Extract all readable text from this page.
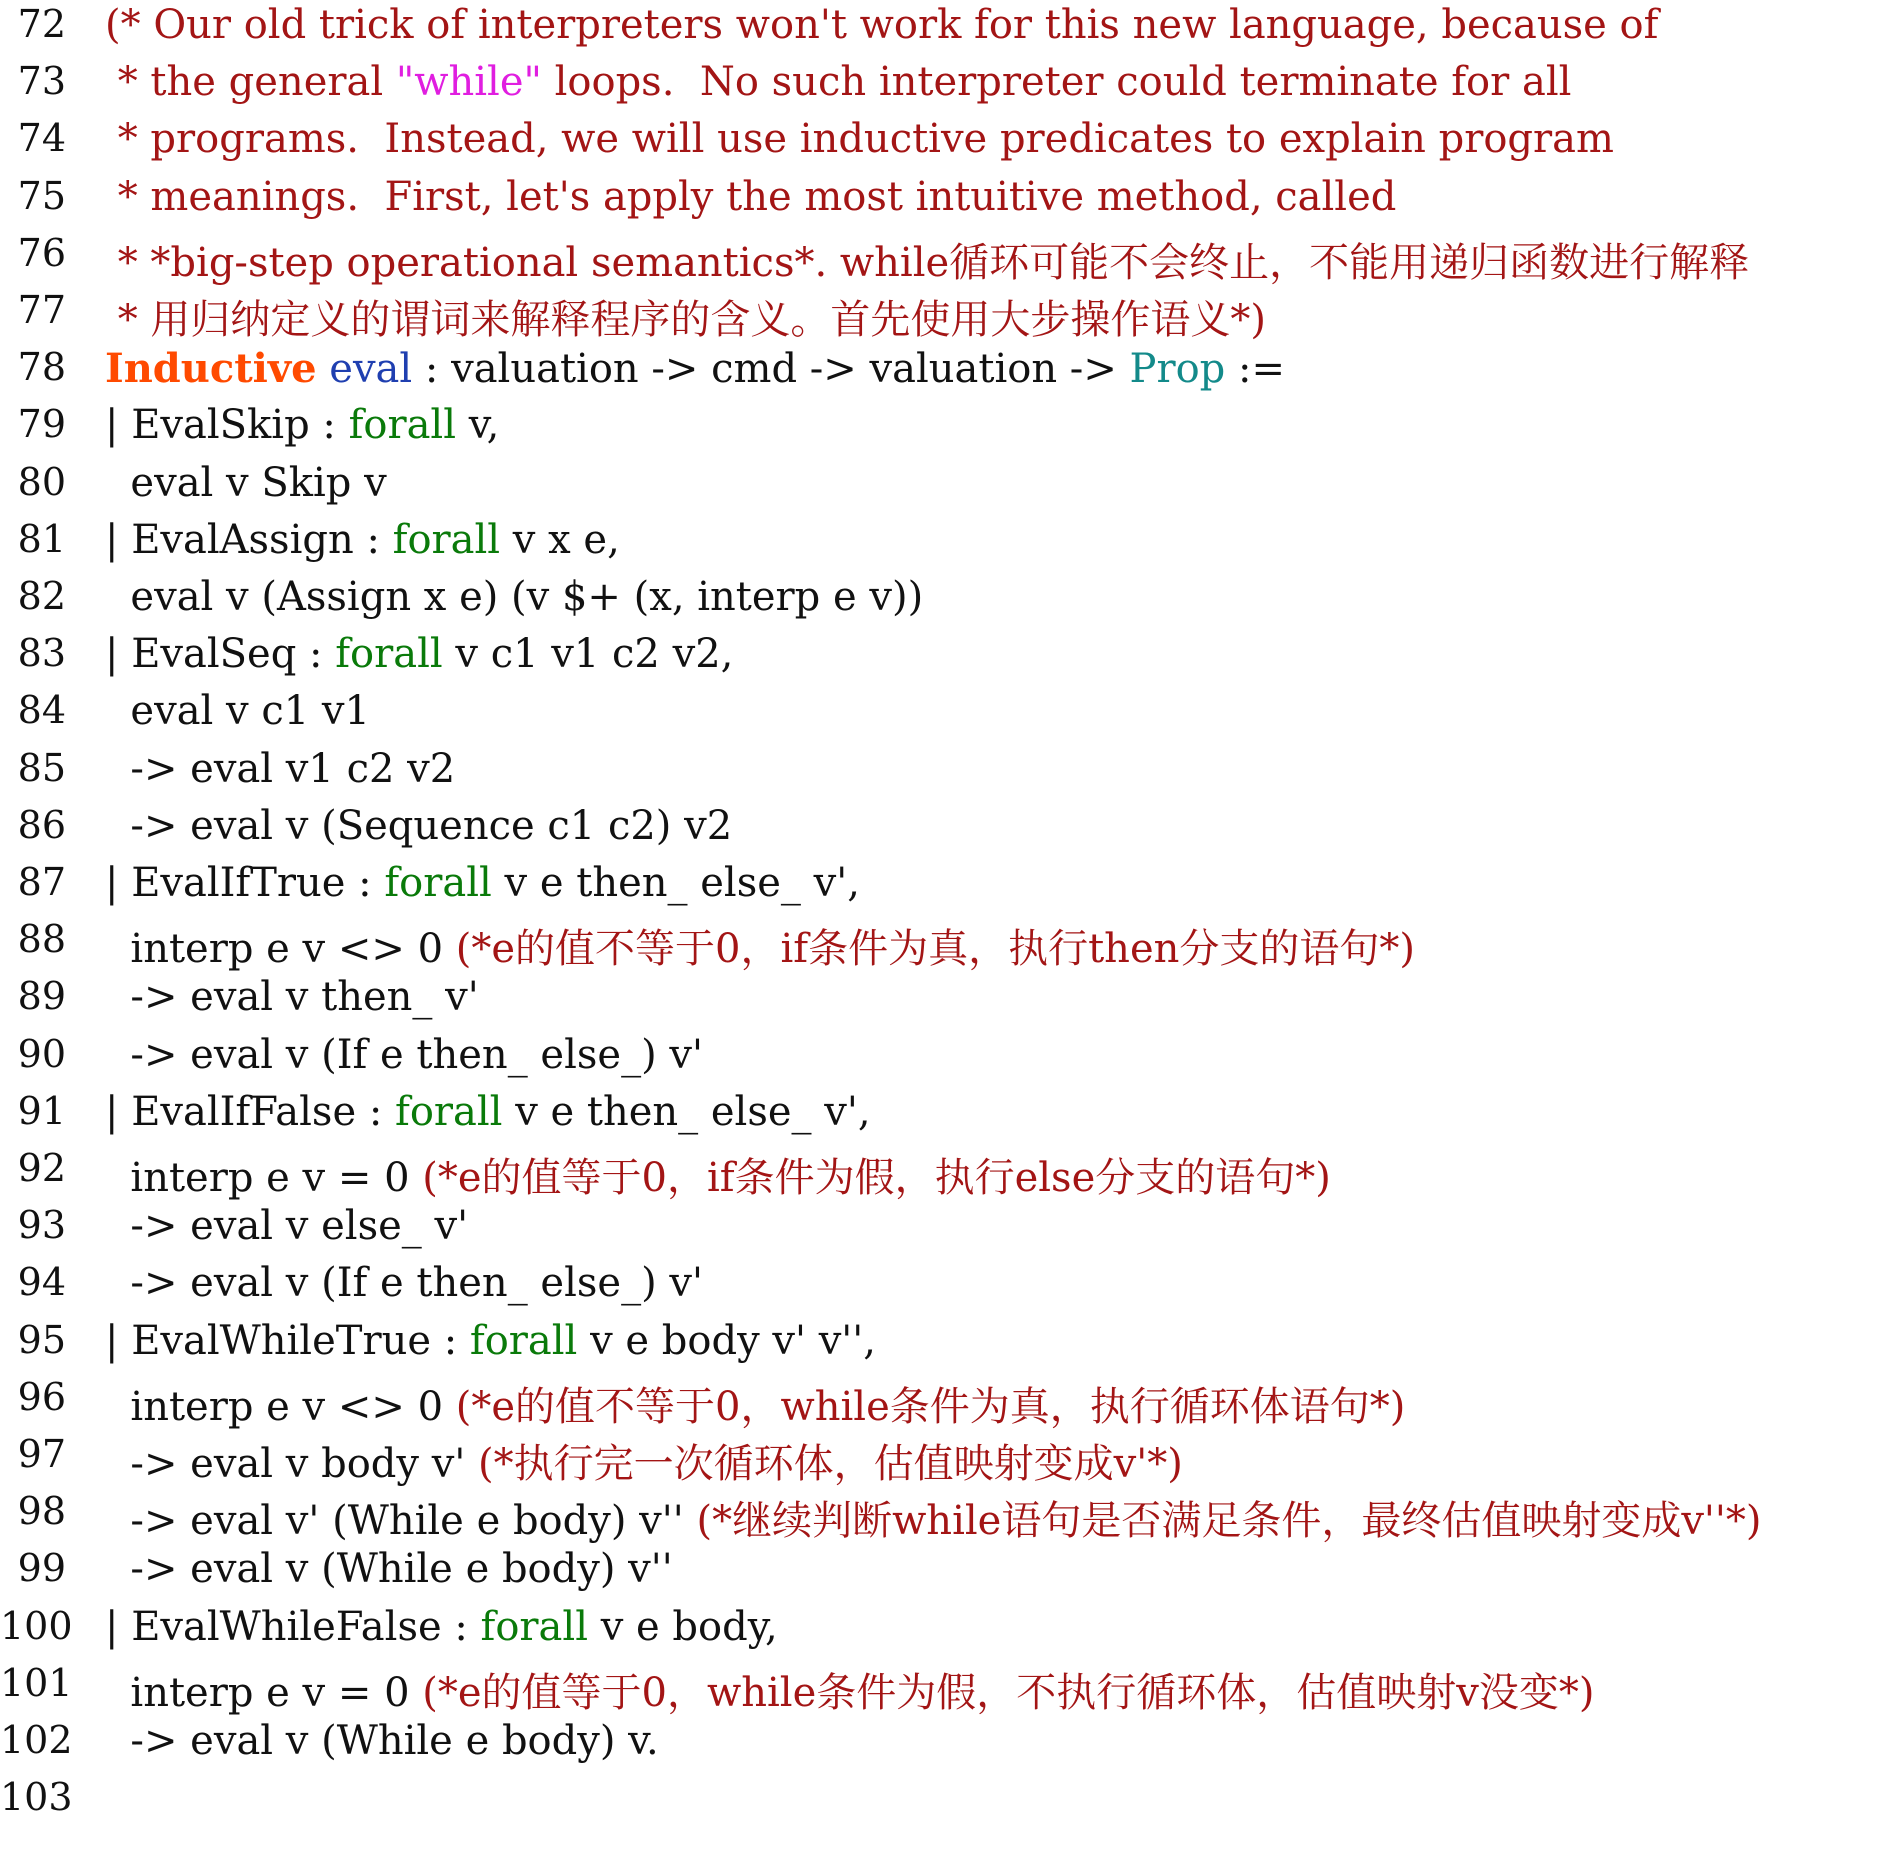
72 (* Our old trick of interpreters won't work for this new language, because of
73 * the general "while" loops.  No such interpreter could terminate for all
74 * programs.  Instead, we will use inductive predicates to explain program
75 * meanings.  First, let's apply the most intuitive method, called
76 * *big-step operational semantics*. while循环可能不会终止，不能用递归函数进行解释
77 * 用归纳定义的谓词来解释程序的含义。首先使用大步操作语义*)
78 Inductive eval : valuation -> cmd -> valuation -> Prop :=
79 | EvalSkip : forall v,
80 eval v Skip v
81 | EvalAssign : forall v x e,
82 eval v (Assign x e) (v $+ (x, interp e v))
83 | EvalSeq : forall v c1 v1 c2 v2,
84 eval v c1 v1
85 -> eval v1 c2 v2
86 -> eval v (Sequence c1 c2) v2
87 | EvalIfTrue : forall v e then_ else_ v',
88 interp e v <> 0 (*e的值不等于0，if条件为真，执行then分支的语句*)
89 -> eval v then_ v'
90 -> eval v (If e then_ else_) v'
91 | EvalIfFalse : forall v e then_ else_ v',
92 interp e v = 0 (*e的值等于0，if条件为假，执行else分支的语句*)
93 -> eval v else_ v'
94 -> eval v (If e then_ else_) v'
95 | EvalWhileTrue : forall v e body v' v'',
96 interp e v <> 0 (*e的值不等于0，while条件为真，执行循环体语句*)
97 -> eval v body v' (*执行完一次循环体，估值映射变成v'*)
98 -> eval v' (While e body) v'' (*继续判断while语句是否满足条件，最终估值映射变成v''*)
99 -> eval v (While e body) v''
100 | EvalWhileFalse : forall v e body,
101 interp e v = 0 (*e的值等于0，while条件为假，不执行循环体，估值映射v没变*)
102 -> eval v (While e body) v.
103
